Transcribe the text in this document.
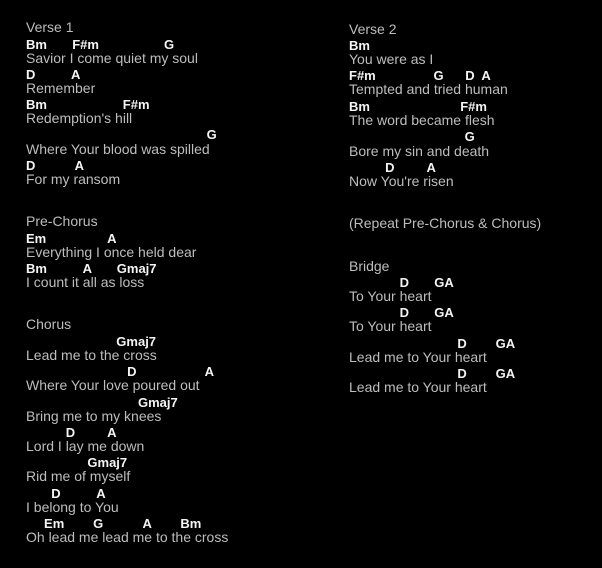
Verse 1
Bm       F#m                  G
Savior I come quiet my soul
D          A
Remember
Bm                     F#m
Redemption's hill
G
Where Your blood was spilled
D           A
For my ransom
Pre-Chorus
Em                 A
Everything I once held dear
Bm          A       Gmaj7
I count it all as loss
Chorus
Gmaj7
Lead me to the cross
D                   A
Where Your love poured out
Gmaj7
Bring me to my knees
D         A
Lord I lay me down
Gmaj7
Rid me of myself
D          A
I belong to You
Em        G           A        Bm
Oh lead me lead me to the cross
Verse 2
Bm
You were as I
F#m                G      D  A
Tempted and tried human
Bm                         F#m
The word became flesh
G
Bore my sin and death
D         A
Now You're risen
(Repeat Pre-Chorus & Chorus)
Bridge
D       GA
To Your heart
D       GA
To Your heart
D        GA
Lead me to Your heart
D        GA
Lead me to Your heart
